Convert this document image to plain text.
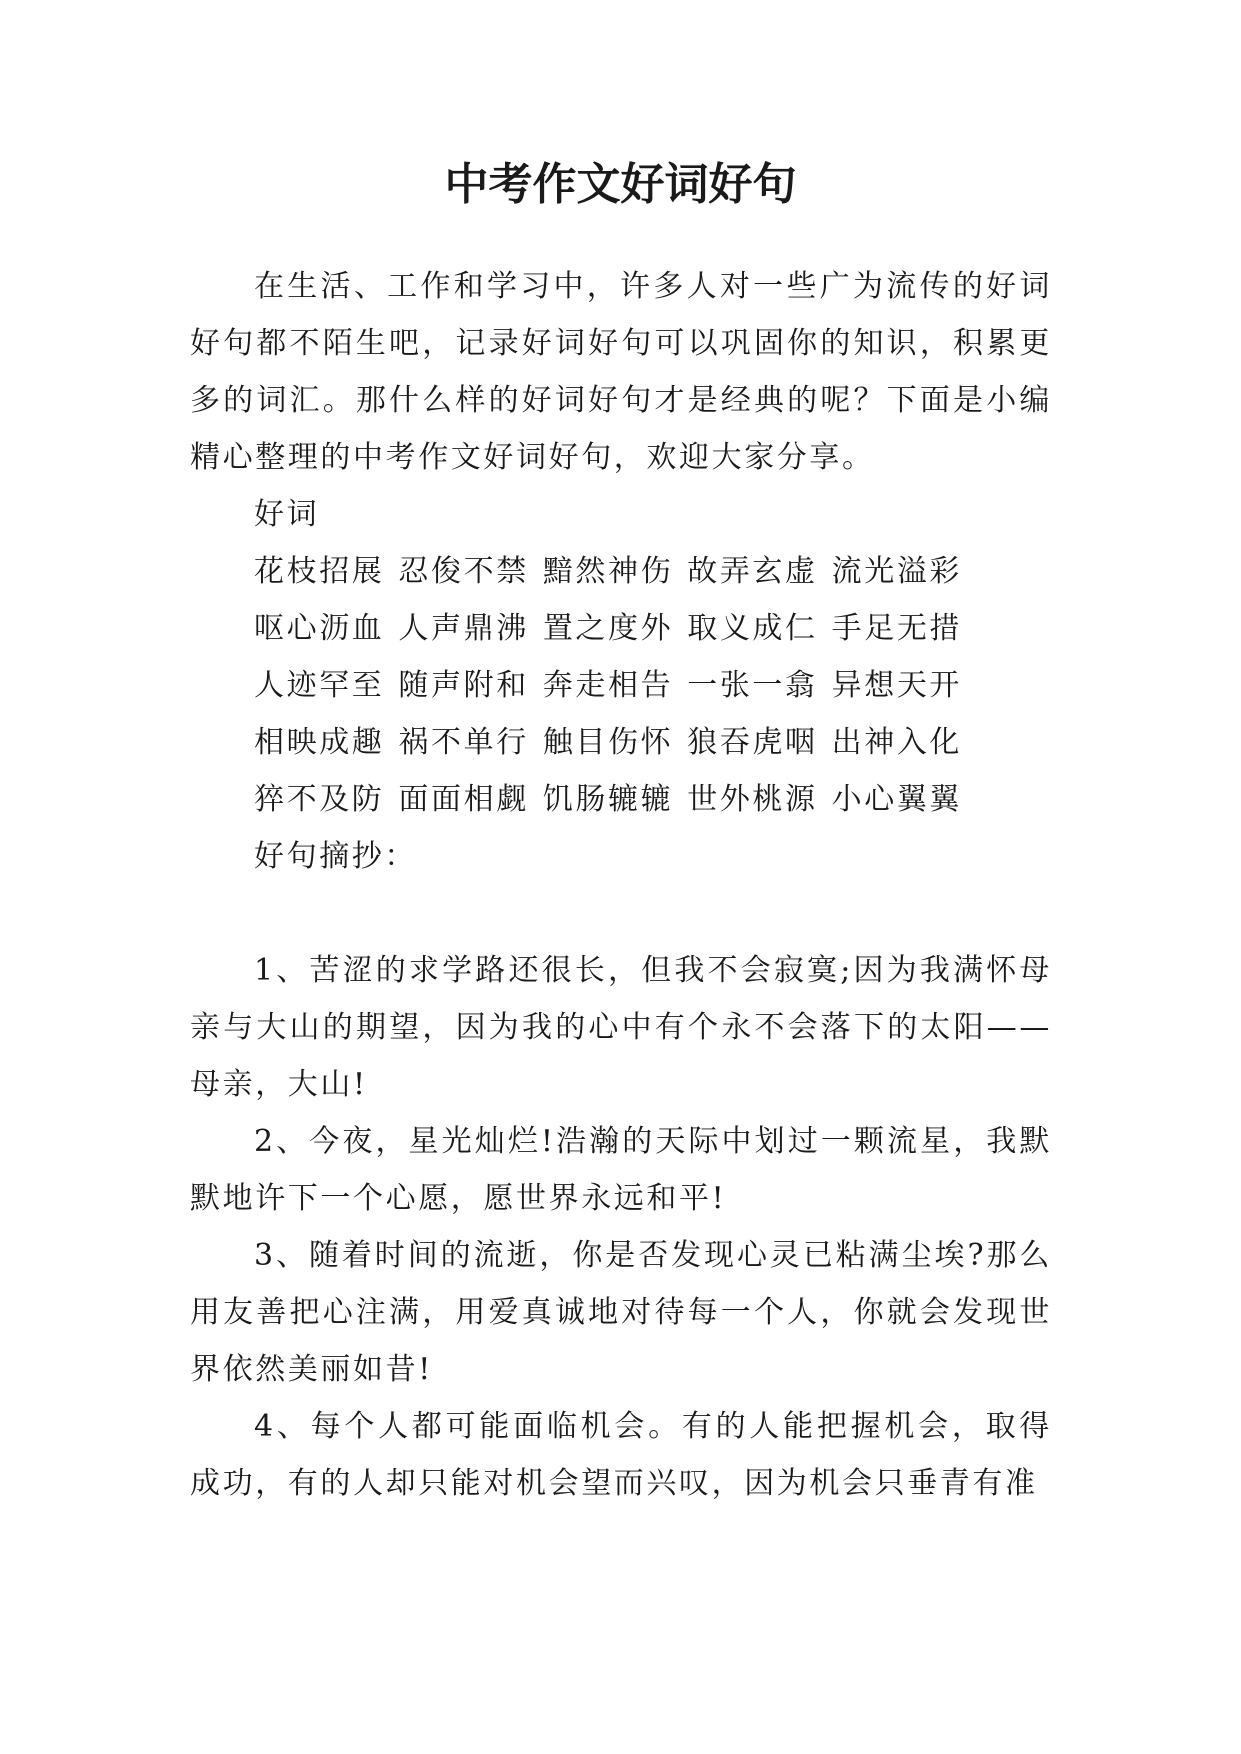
中考作文好词好句

在生活、工作和学习中，许多人对一些广为流传的好词好句都不陌生吧，记录好词好句可以巩固你的知识，积累更多的词汇。那什么样的好词好句才是经典的呢？下面是小编精心整理的中考作文好词好句，欢迎大家分享。

好词

花枝招展 忍俊不禁 黯然神伤 故弄玄虚 流光溢彩

呕心沥血 人声鼎沸 置之度外 取义成仁 手足无措

人迹罕至 随声附和 奔走相告 一张一翕 异想天开

相映成趣 祸不单行 触目伤怀 狼吞虎咽 出神入化

猝不及防 面面相觑 饥肠辘辘 世外桃源 小心翼翼

好句摘抄：

1、苦涩的求学路还很长，但我不会寂寞;因为我满怀母亲与大山的期望，因为我的心中有个永不会落下的太阳——母亲，大山!

2、今夜，星光灿烂!浩瀚的天际中划过一颗流星，我默默地许下一个心愿，愿世界永远和平!

3、随着时间的流逝，你是否发现心灵已粘满尘埃?那么用友善把心注满，用爱真诚地对待每一个人，你就会发现世界依然美丽如昔!

4、每个人都可能面临机会。有的人能把握机会，取得成功，有的人却只能对机会望而兴叹，因为机会只垂青有准
